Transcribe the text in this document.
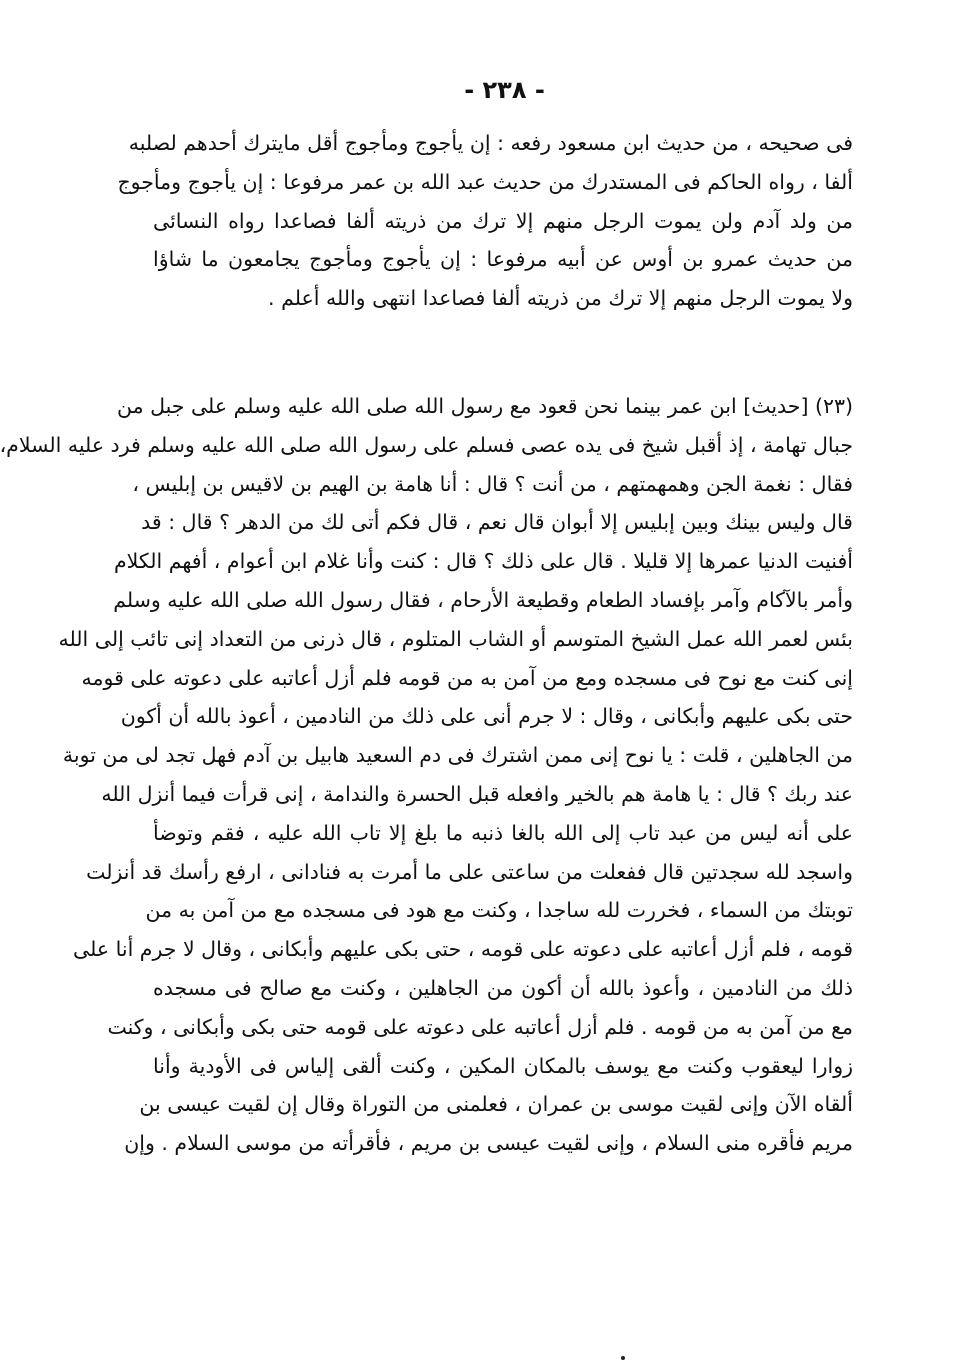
- ٢٣٨ -
فى صحيحه ، من حديث ابن مسعود رفعه : إن يأجوج ومأجوج أقل مايترك أحدهم لصلبه
ألفا ، رواه الحاكم فى المستدرك من حديث عبد الله بن عمر مرفوعا : إن يأجوج ومأجوج
من ولد آدم ولن يموت الرجل منهم إلا ترك من ذريته ألفا فصاعدا رواه النسائى
من حديث عمرو بن أوس عن أبيه مرفوعا : إن يأجوج ومأجوج يجامعون ما شاؤا
ولا يموت الرجل منهم إلا ترك من ذريته ألفا فصاعدا انتهى والله أعلم .
(٢٣) [حديث] ابن عمر بينما نحن قعود مع رسول الله صلى الله عليه وسلم على جبل من
جبال تهامة ، إذ أقبل شيخ فى يده عصى فسلم على رسول الله صلى الله عليه وسلم فرد عليه السلام،
فقال : نغمة الجن وهمهمتهم ، من أنت ؟ قال : أنا هامة بن الهيم بن لاقيس بن إبليس ،
قال وليس بينك وبين إبليس إلا أبوان قال نعم ، قال فكم أتى لك من الدهر ؟ قال : قد
أفنيت الدنيا عمرها إلا قليلا . قال على ذلك ؟ قال : كنت وأنا غلام ابن أعوام ، أفهم الكلام
وأمر بالآكام وآمر بإفساد الطعام وقطيعة الأرحام ، فقال رسول الله صلى الله عليه وسلم
بئس لعمر الله عمل الشيخ المتوسم أو الشاب المتلوم ، قال ذرنى من التعداد إنى تائب إلى الله
إنى كنت مع نوح فى مسجده ومع من آمن به من قومه فلم أزل أعاتبه على دعوته على قومه
حتى بكى عليهم وأبكانى ، وقال : لا جرم أنى على ذلك من النادمين ، أعوذ بالله أن أكون
من الجاهلين ، قلت : يا نوح إنى ممن اشترك فى دم السعيد هابيل بن آدم فهل تجد لى من توبة
عند ربك ؟ قال : يا هامة هم بالخير وافعله قبل الحسرة والندامة ، إنى قرأت فيما أنزل الله
على أنه ليس من عبد تاب إلى الله بالغا ذنبه ما بلغ إلا تاب الله عليه ، فقم وتوضأ
واسجد لله سجدتين قال ففعلت من ساعتى على ما أمرت به فنادانى ، ارفع رأسك قد أنزلت
توبتك من السماء ، فخررت لله ساجدا ، وكنت مع هود فى مسجده مع من آمن به من
قومه ، فلم أزل أعاتبه على دعوته على قومه ، حتى بكى عليهم وأبكانى ، وقال لا جرم أنا على
ذلك من النادمين ، وأعوذ بالله أن أكون من الجاهلين ، وكنت مع صالح فى مسجده
مع من آمن به من قومه . فلم أزل أعاتبه على دعوته على قومه حتى بكى وأبكانى ، وكنت
زوارا ليعقوب وكنت مع يوسف بالمكان المكين ، وكنت ألقى إلياس فى الأودية وأنا
ألقاه الآن وإنى لقيت موسى بن عمران ، فعلمنى من التوراة وقال إن لقيت عيسى بن
مريم فأقره منى السلام ، وإنى لقيت عيسى بن مريم ، فأقرأته من موسى السلام . وإن
